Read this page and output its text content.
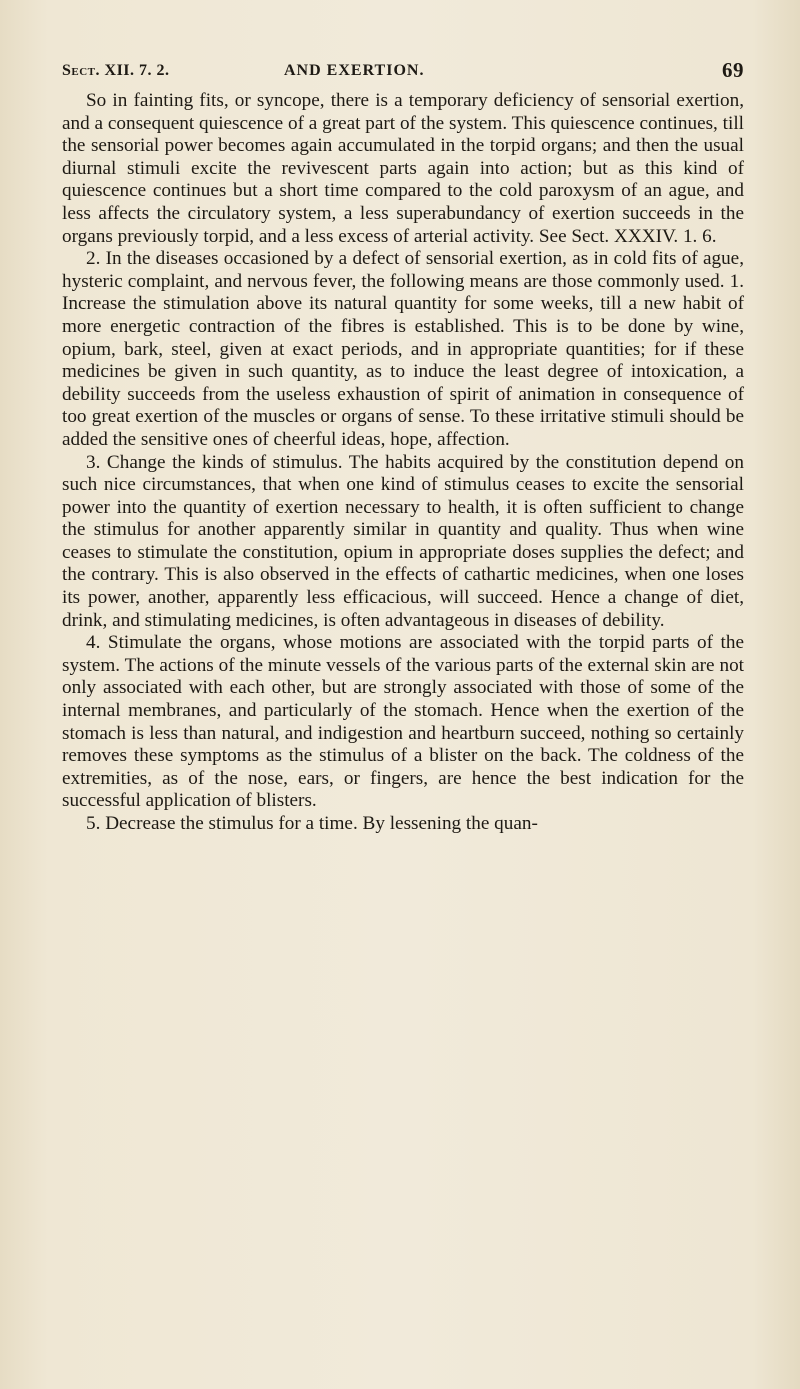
Sect. XII. 7. 2.	AND EXERTION.	69

So in fainting fits, or syncope, there is a temporary deficiency of sensorial exertion, and a consequent quiescence of a great part of the system. This quiescence continues, till the sensorial power becomes again accumulated in the torpid organs; and then the usual diurnal stimuli excite the revivescent parts again into action; but as this kind of quiescence continues but a short time compared to the cold paroxysm of an ague, and less affects the circulatory system, a less superabundancy of exertion succeeds in the organs previously torpid, and a less excess of arterial activity. See Sect. XXXIV. 1. 6.

2. In the diseases occasioned by a defect of sensorial exertion, as in cold fits of ague, hysteric complaint, and nervous fever, the following means are those commonly used. 1. Increase the stimulation above its natural quantity for some weeks, till a new habit of more energetic contraction of the fibres is established. This is to be done by wine, opium, bark, steel, given at exact periods, and in appropriate quantities; for if these medicines be given in such quantity, as to induce the least degree of intoxication, a debility succeeds from the useless exhaustion of spirit of animation in consequence of too great exertion of the muscles or organs of sense. To these irritative stimuli should be added the sensitive ones of cheerful ideas, hope, affection.

3. Change the kinds of stimulus. The habits acquired by the constitution depend on such nice circumstances, that when one kind of stimulus ceases to excite the sensorial power into the quantity of exertion necessary to health, it is often sufficient to change the stimulus for another apparently similar in quantity and quality. Thus when wine ceases to stimulate the constitution, opium in appropriate doses supplies the defect; and the contrary. This is also observed in the effects of cathartic medicines, when one loses its power, another, apparently less efficacious, will succeed. Hence a change of diet, drink, and stimulating medicines, is often advantageous in diseases of debility.

4. Stimulate the organs, whose motions are associated with the torpid parts of the system. The actions of the minute vessels of the various parts of the external skin are not only associated with each other, but are strongly associated with those of some of the internal membranes, and particularly of the stomach. Hence when the exertion of the stomach is less than natural, and indigestion and heartburn succeed, nothing so certainly removes these symptoms as the stimulus of a blister on the back. The coldness of the extremities, as of the nose, ears, or fingers, are hence the best indication for the successful application of blisters.

5. Decrease the stimulus for a time. By lessening the quan-
